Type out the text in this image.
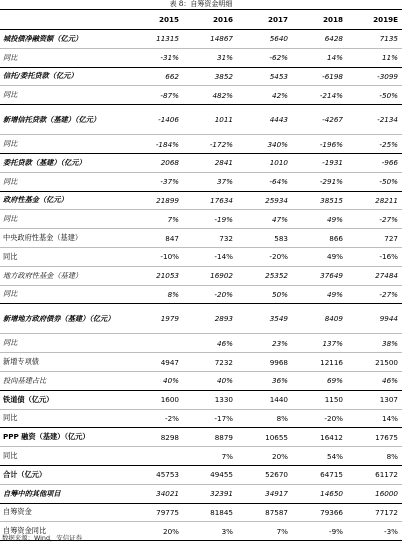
表 8：自筹资金明细
	2015	2016	2017	2018	2019E
城投债净融资额（亿元）	11315	14867	5640	6428	7135
同比	-31%	31%	-62%	14%	11%
信托/委托贷款（亿元）	662	3852	5453	-6198	-3099
同比	-87%	482%	42%	-214%	-50%
新增信托贷款（基建）（亿元）	-1406	1011	4443	-4267	-2134
同比	-184%	-172%	340%	-196%	-25%
委托贷款（基建）（亿元）	2068	2841	1010	-1931	-966
同比	-37%	37%	-64%	-291%	-50%
政府性基金（亿元）	21899	17634	25934	38515	28211
同比	7%	-19%	47%	49%	-27%
中央政府性基金（基建）	847	732	583	866	727
同比	-10%	-14%	-20%	49%	-16%
地方政府性基金（基建）	21053	16902	25352	37649	27484
同比	8%	-20%	50%	49%	-27%
新增地方政府债券（基建）（亿元）	1979	2893	3549	8409	9944
同比		46%	23%	137%	38%
新增专项债	4947	7232	9968	12116	21500
投向基建占比	40%	40%	36%	69%	46%
铁道债（亿元）	1600	1330	1440	1150	1307
同比	-2%	-17%	8%	-20%	14%
PPP 融资（基建）（亿元）	8298	8879	10655	16412	17675
同比		7%	20%	54%	8%
合计（亿元）	45753	49455	52670	64715	61172
自筹中的其他项目	34021	32391	34917	14650	16000
自筹资金	79775	81845	87587	79366	77172
自筹资金同比	20%	3%	7%	-9%	-3%
数据来源：Wind，安信证券
